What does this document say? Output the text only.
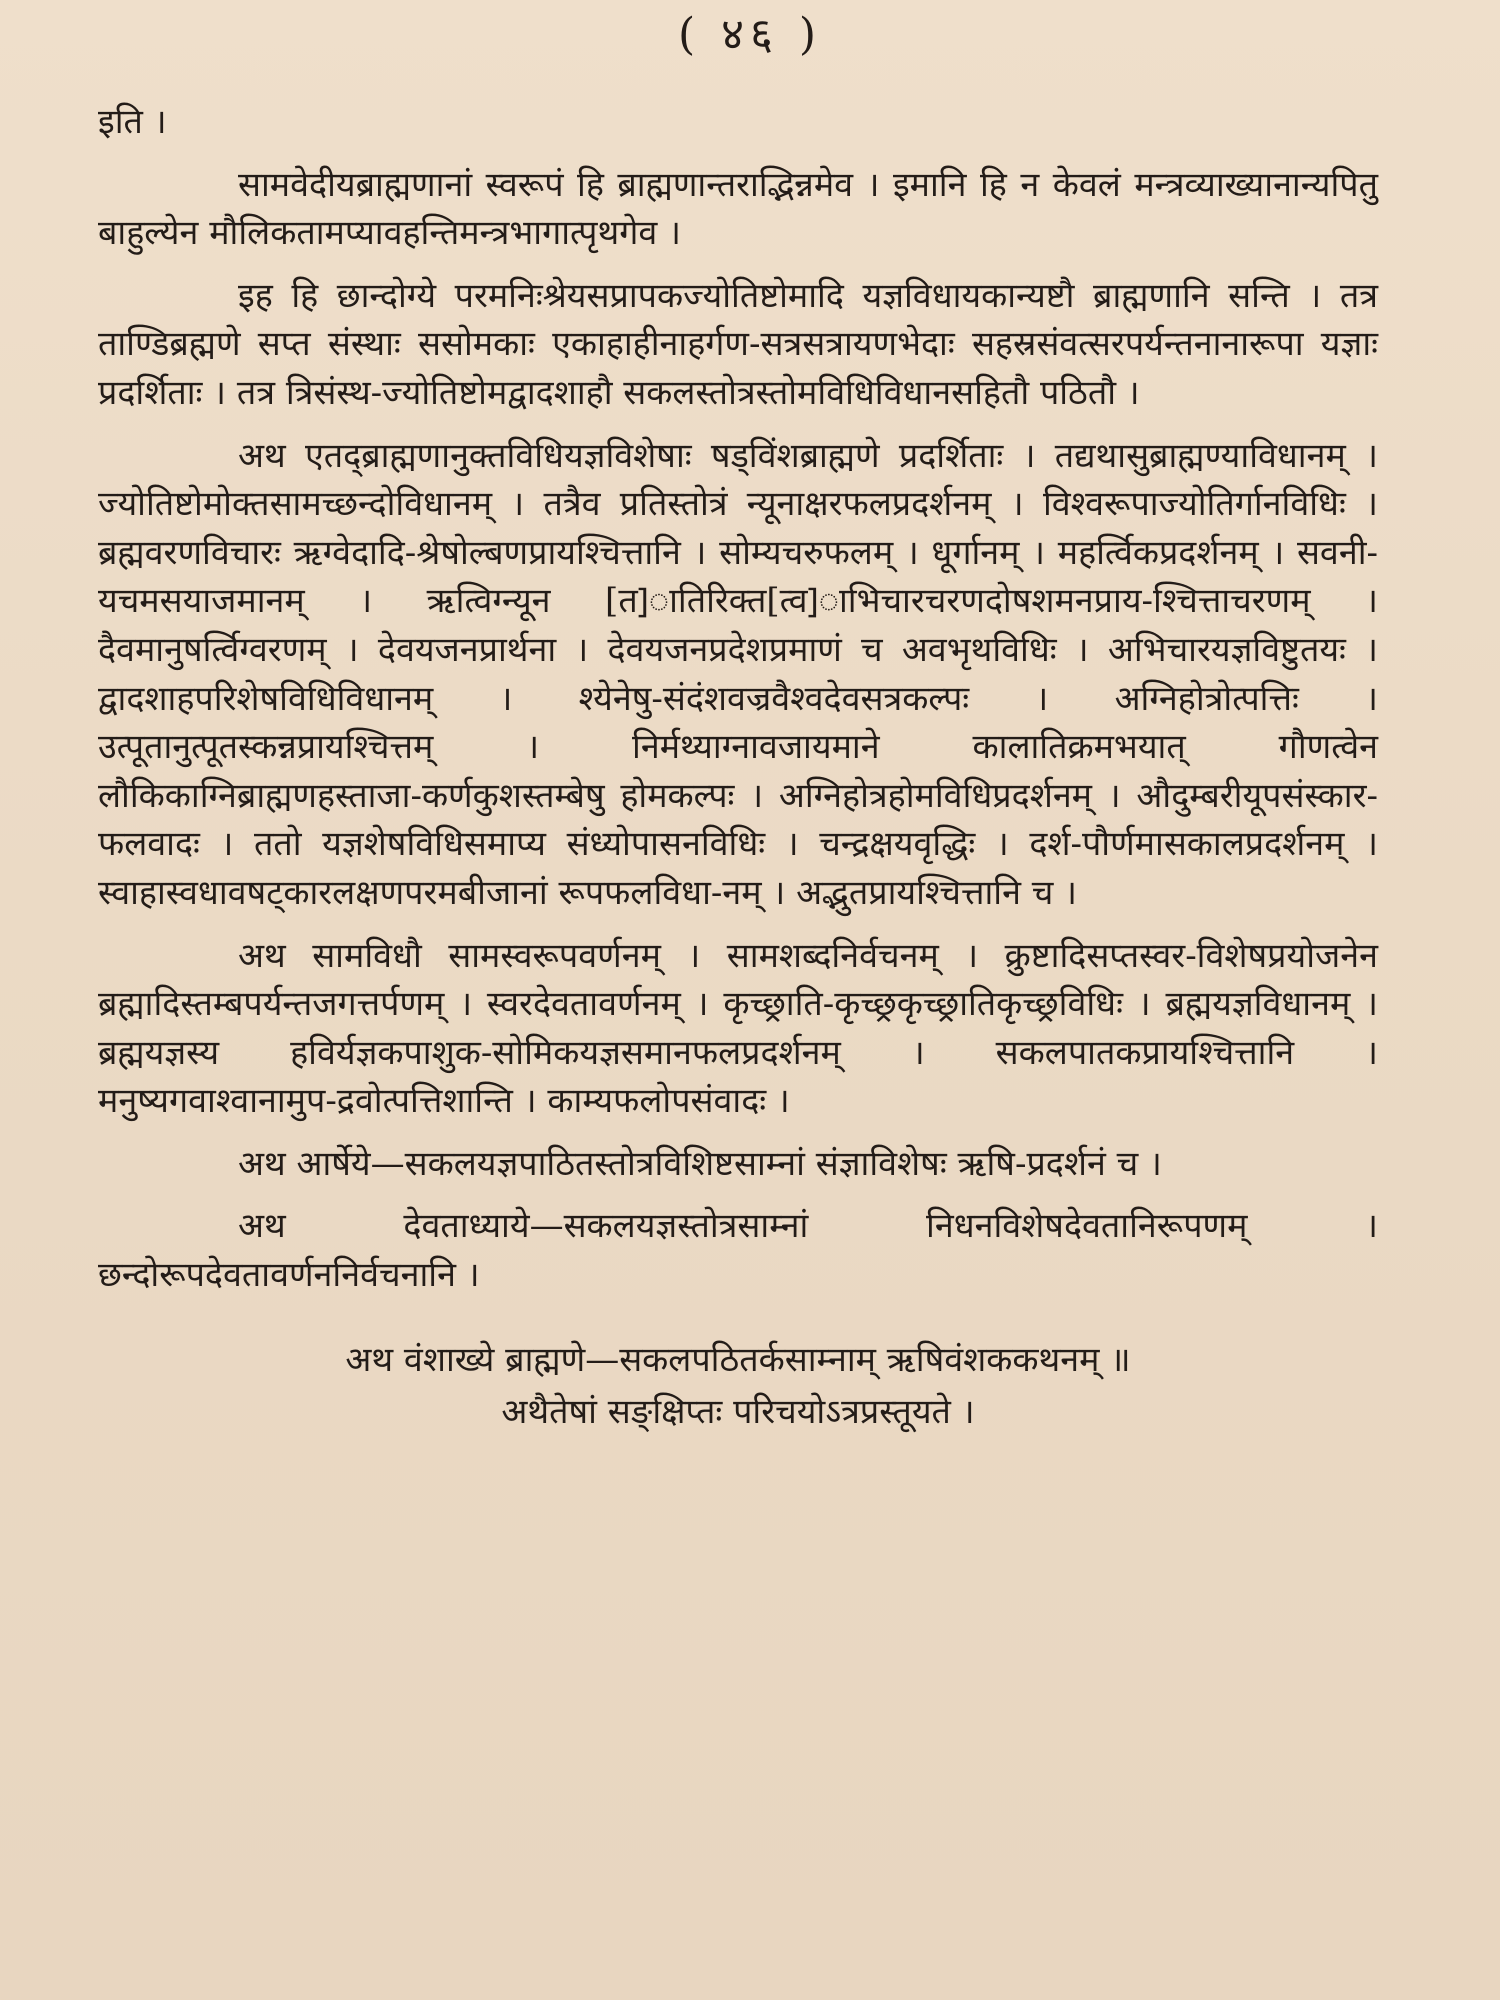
( ४६ )

इति ।

सामवेदीयब्राह्मणानां स्वरूपं हि ब्राह्मणान्तराद्भिन्नमेव । इमानि हि न केवलं मन्त्रव्याख्यानान्यपितु बाहुल्येन मौलिकतामप्यावहन्तिमन्त्रभागात्पृथगेव ।

इह हि छान्दोग्ये परमनिःश्रेयसप्रापकज्योतिष्टोमादि यज्ञविधायकान्यष्टौ ब्राह्मणानि सन्ति । तत्र ताण्डिब्रह्मणे सप्त संस्थाः ससोमकाः एकाहाहीनाहर्गण-सत्रसत्रायणभेदाः सहस्रसंवत्सरपर्यन्तनानारूपा यज्ञाः प्रदर्शिताः । तत्र त्रिसंस्थ-ज्योतिष्टोमद्वादशाहौ सकलस्तोत्रस्तोमविधिविधानसहितौ पठितौ ।

अथ एतद्ब्राह्मणानुक्तविधियज्ञविशेषाः षड्विंशब्राह्मणे प्रदर्शिताः । तद्यथासुब्राह्मण्याविधानम् । ज्योतिष्टोमोक्तसामच्छन्दोविधानम् । तत्रैव प्रतिस्तोत्रं न्यूनाक्षरफलप्रदर्शनम् । विश्वरूपाज्योतिर्गानविधिः । ब्रह्मवरणविचारः ऋग्वेदादि-श्रेषोल्बणप्रायश्चित्तानि । सोम्यचरुफलम् । धूर्गानम् । महर्त्विकप्रदर्शनम् । सवनी-यचमसयाजमानम् । ऋत्विग्न्यून [त]ातिरिक्त[त्व]ाभिचारचरणदोषशमनप्राय-श्चित्ताचरणम् । दैवमानुषर्त्विग्वरणम् । देवयजनप्रार्थना । देवयजनप्रदेशप्रमाणं च अवभृथविधिः । अभिचारयज्ञविष्टुतयः । द्वादशाहपरिशेषविधिविधानम् । श्येनेषु-संदंशवज्रवैश्वदेवसत्रकल्पः । अग्निहोत्रोत्पत्तिः । उत्पूतानुत्पूतस्कन्नप्रायश्चित्तम् । निर्मथ्याग्नावजायमाने कालातिक्रमभयात् गौणत्वेन लौकिकाग्निब्राह्मणहस्ताजा-कर्णकुशस्तम्बेषु होमकल्पः । अग्निहोत्रहोमविधिप्रदर्शनम् । औदुम्बरीयूपसंस्कार-फलवादः । ततो यज्ञशेषविधिसमाप्य संध्योपासनविधिः । चन्द्रक्षयवृद्धिः । दर्श-पौर्णमासकालप्रदर्शनम् । स्वाहास्वधावषट्कारलक्षणपरमबीजानां रूपफलविधा-नम् । अद्भुतप्रायश्चित्तानि च ।

अथ सामविधौ सामस्वरूपवर्णनम् । सामशब्दनिर्वचनम् । क्रुष्टादिसप्तस्वर-विशेषप्रयोजनेन ब्रह्मादिस्तम्बपर्यन्तजगत्तर्पणम् । स्वरदेवतावर्णनम् । कृच्छ्राति-कृच्छ्रकृच्छ्रातिकृच्छ्रविधिः । ब्रह्मयज्ञविधानम् । ब्रह्मयज्ञस्य हविर्यज्ञकपाशुक-सोमिकयज्ञसमानफलप्रदर्शनम् । सकलपातकप्रायश्चित्तानि । मनुष्यगवाश्वानामुप-द्रवोत्पत्तिशान्ति । काम्यफलोपसंवादः ।

अथ आर्षेये—सकलयज्ञपाठितस्तोत्रविशिष्टसाम्नां संज्ञाविशेषः ऋषि-प्रदर्शनं च ।

अथ देवताध्याये—सकलयज्ञस्तोत्रसाम्नां निधनविशेषदेवतानिरूपणम् । छन्दोरूपदेवतावर्णननिर्वचनानि ।

अथ वंशाख्ये ब्राह्मणे—सकलपठितर्कसाम्नाम् ऋषिवंशककथनम् ॥
अथैतेषां सङ्क्षिप्तः परिचयोऽत्रप्रस्तूयते ।
